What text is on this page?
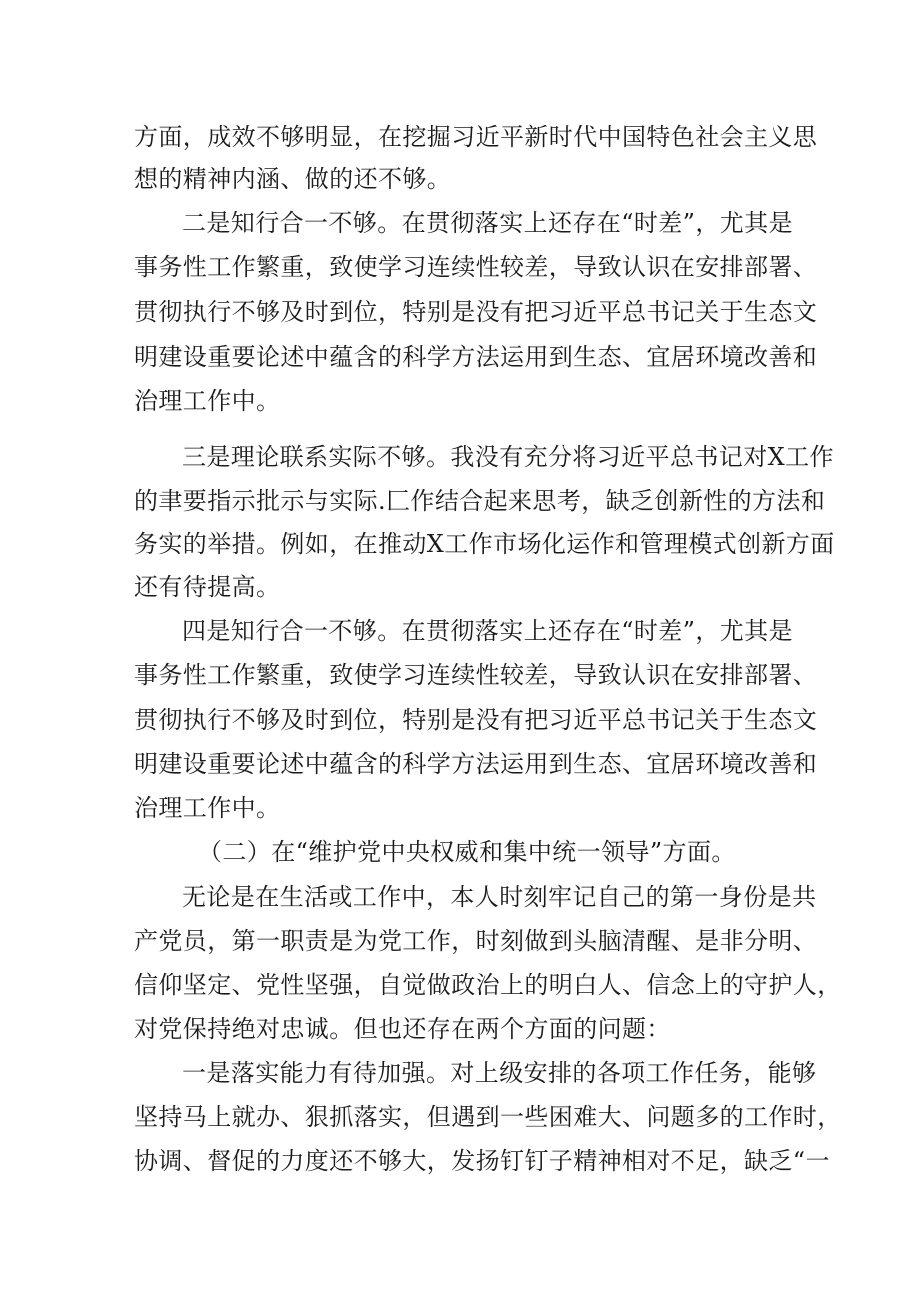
方面，成效不够明显，在挖掘习近平新时代中国特色社会主义思
想的精神内涵、做的还不够。
二是知行合一不够。在贯彻落实上还存在“时差”，尤其是
事务性工作繁重，致使学习连续性较差，导致认识在安排部署、
贯彻执行不够及时到位，特别是没有把习近平总书记关于生态文
明建设重要论述中蕴含的科学方法运用到生态、宜居环境改善和
治理工作中。
三是理论联系实际不够。我没有充分将习近平总书记对X工作
的聿要指示批示与实际.匚作结合起来思考，缺乏创新性的方法和
务实的举措。例如，在推动X工作市场化运作和管理模式创新方面
还有待提高。
四是知行合一不够。在贯彻落实上还存在“时差”，尤其是
事务性工作繁重，致使学习连续性较差，导致认识在安排部署、
贯彻执行不够及时到位，特别是没有把习近平总书记关于生态文
明建设重要论述中蕴含的科学方法运用到生态、宜居环境改善和
治理工作中。
（二）在“维护党中央权威和集中统一领导”方面。
无论是在生活或工作中，本人时刻牢记自己的第一身份是共
产党员，第一职责是为党工作，时刻做到头脑清醒、是非分明、
信仰坚定、党性坚强，自觉做政治上的明白人、信念上的守护人，
对党保持绝对忠诚。但也还存在两个方面的问题：
一是落实能力有待加强。对上级安排的各项工作任务，能够
坚持马上就办、狠抓落实，但遇到一些困难大、问题多的工作时，
协调、督促的力度还不够大，发扬钉钉子精神相对不足，缺乏“一
